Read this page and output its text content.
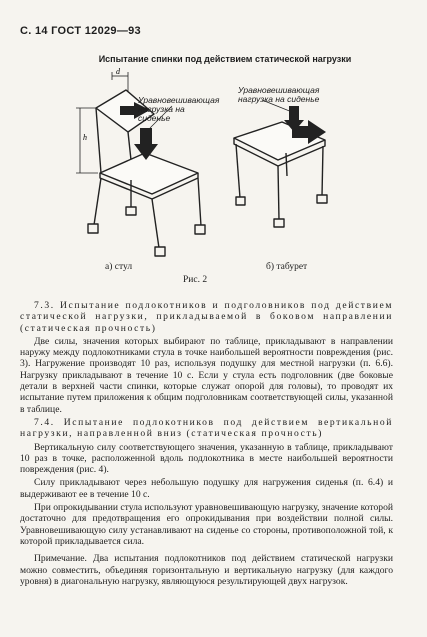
С. 14 ГОСТ 12029—93
Испытание спинки под действием статической нагрузки
d
h
Уравновешивающая нагрузка на сиденье
Уравновешивающая нагрузка на сиденье
а) стул	б) табурет
Рис. 2

7.3. Испытание подлокотников и подголовников под действием статической нагрузки, прикладываемой в боковом направлении (статическая прочность)

Две силы, значения которых выбирают по таблице, прикладывают в направлении наружу между подлокотниками стула в точке наибольшей вероятности повреждения (рис. 3). Нагружение производят 10 раз, используя подушку для местной нагрузки (п. 6.6). Нагрузку прикладывают в течение 10 с. Если у стула есть подголовник (две боковые детали в верхней части спинки, которые служат опорой для головы), то проводят их испытание путем приложения к общим подголовникам соответствующей силы, указанной в таблице.

7.4. Испытание подлокотников под действием вертикальной нагрузки, направленной вниз (статическая прочность)

Вертикальную силу соответствующего значения, указанную в таблице, прикладывают 10 раз в точке, расположенной вдоль подлокотника в месте наибольшей вероятности повреждения (рис. 4).

Силу прикладывают через небольшую подушку для нагружения сиденья (п. 6.4) и выдерживают ее в течение 10 с.

При опрокидывании стула используют уравновешивающую нагрузку, значение которой достаточно для предотвращения его опрокидывания при воздействии полной силы. Уравновешивающую силу устанавливают на сиденье со стороны, противоположной той, к которой прикладывается сила.

Примечание. Два испытания подлокотников под действием статической нагрузки можно совместить, объединяя горизонтальную и вертикальную нагрузку (для каждого уровня) в диагональную нагрузку, являющуюся результирующей двух нагрузок.
